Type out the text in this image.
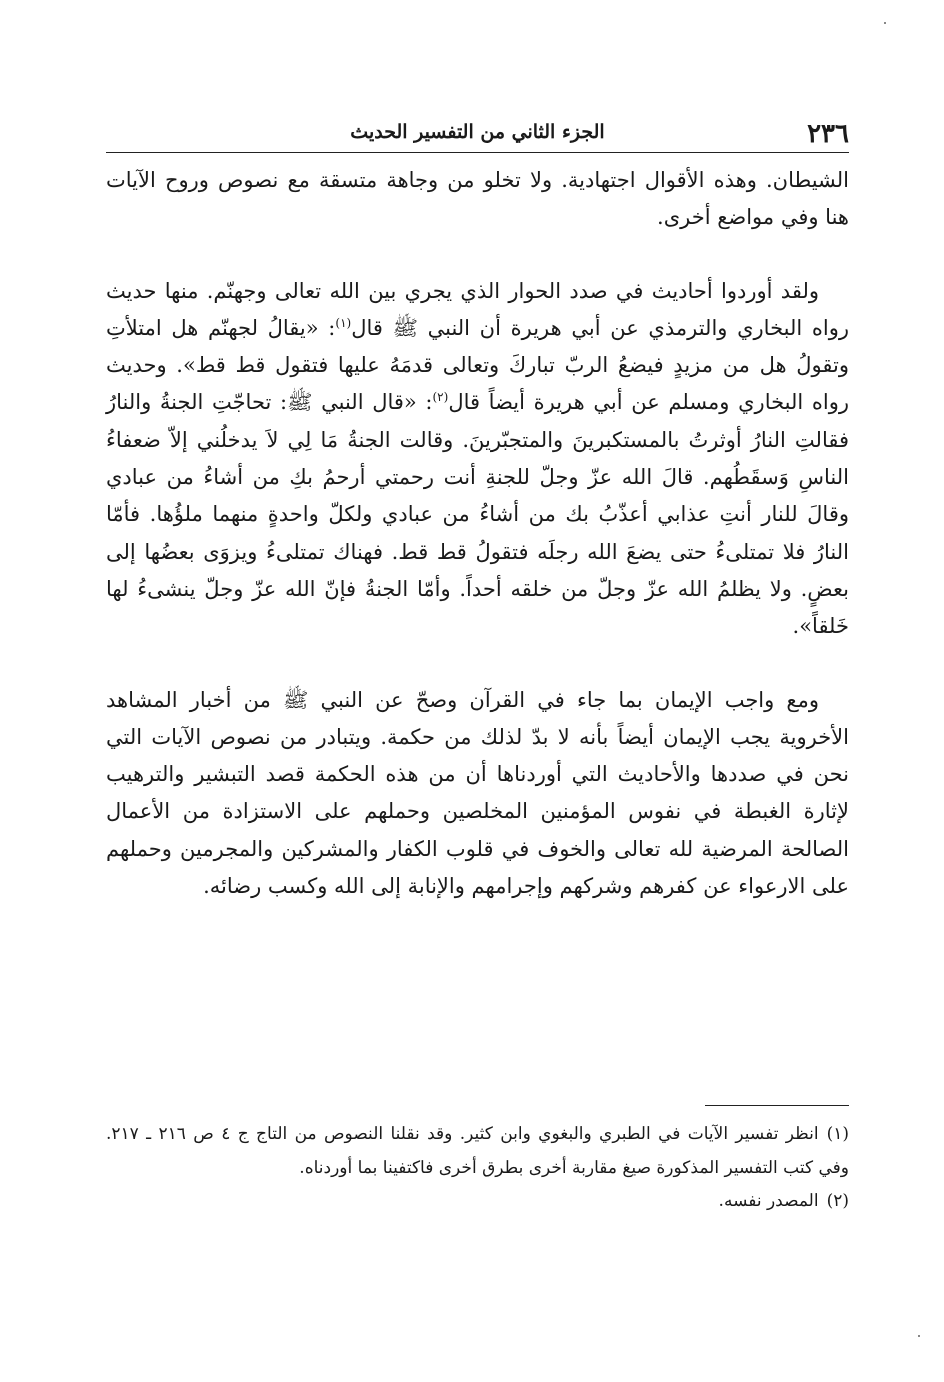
٢٣٦
الجزء الثاني من التفسير الحديث

الشيطان. وهذه الأقوال اجتهادية. ولا تخلو من وجاهة متسقة مع نصوص وروح الآيات هنا وفي مواضع أخرى.

ولقد أوردوا أحاديث في صدد الحوار الذي يجري بين الله تعالى وجهنّم. منها حديث رواه البخاري والترمذي عن أبي هريرة أن النبي ﷺ قال$^{(١)}$: «يقالُ لجهنّم هل امتلأتِ وتقولُ هل من مزيدٍ فيضعُ الربّ تباركَ وتعالى قدمَهُ عليها فتقول قط قط». وحديث رواه البخاري ومسلم عن أبي هريرة أيضاً قال$^{(٢)}$: «قال النبي ﷺ: تحاجّتِ الجنةُ والنارُ فقالتِ النارُ أوثرتُ بالمستكبرينَ والمتجبّرينَ. وقالت الجنةُ مَا لِي لاَ يدخلُني إلاّ ضعفاءُ الناسِ وَسقَطُهم. قالَ الله عزّ وجلّ للجنةِ أنت رحمتي أرحمُ بكِ من أشاءُ من عبادي وقالَ للنار أنتِ عذابي أعذّبُ بك من أشاءُ من عبادي ولكلّ واحدةٍ منهما ملؤُها. فأمّا النارُ فلا تمتلىءُ حتى يضعَ الله رجلَه فتقولُ قط قط. فهناك تمتلىءُ ويزوَى بعضُها إلى بعضٍ. ولا يظلمُ الله عزّ وجلّ من خلقه أحداً. وأمّا الجنةُ فإنّ الله عزّ وجلّ ينشىءُ لها خَلقاً».

ومع واجب الإيمان بما جاء في القرآن وصحّ عن النبي ﷺ من أخبار المشاهد الأخروية يجب الإيمان أيضاً بأنه لا بدّ لذلك من حكمة. ويتبادر من نصوص الآيات التي نحن في صددها والأحاديث التي أوردناها أن من هذه الحكمة قصد التبشير والترهيب لإثارة الغبطة في نفوس المؤمنين المخلصين وحملهم على الاستزادة من الأعمال الصالحة المرضية لله تعالى والخوف في قلوب الكفار والمشركين والمجرمين وحملهم على الارعواء عن كفرهم وشركهم وإجرامهم والإنابة إلى الله وكسب رضائه.

(١)انظر تفسير الآيات في الطبري والبغوي وابن كثير. وقد نقلنا النصوص من التاج ج ٤ ص ٢١٦ ـ ٢١٧. وفي كتب التفسير المذكورة صيغ مقاربة أخرى بطرق أخرى فاكتفينا بما أوردناه.

(٢)المصدر نفسه.
